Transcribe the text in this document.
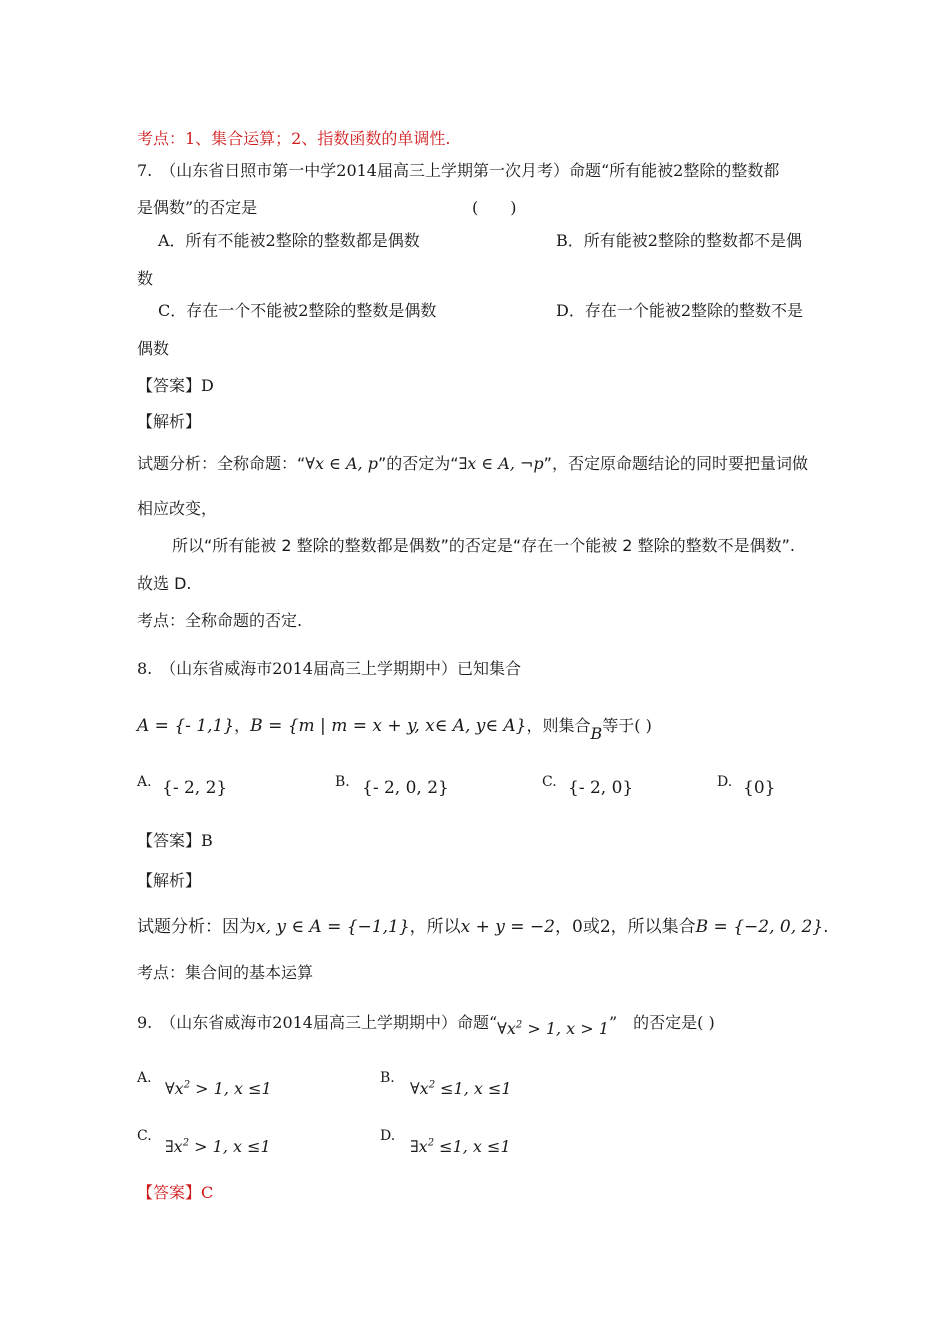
考点：1、集合运算；2、指数函数的单调性.
7.　（山东省日照市第一中学2014届高三上学期第一次月考）命题“所有能被2整除的整数都
是偶数”的否定是	(　　)
A．所有不能被2整除的整数都是偶数	B．所有能被2整除的整数都不是偶
数
C．存在一个不能被2整除的整数是偶数	D．存在一个能被2整除的整数不是
偶数
【答案】D
【解析】
试题分析：全称命题：“∀x ∈ A, p”的否定为“∃x ∈ A, ¬p”，否定原命题结论的同时要把量词做
相应改变，
所以“所有能被 2 整除的整数都是偶数”的否定是“存在一个能被 2 整除的整数不是偶数”.
故选 D.
考点：全称命题的否定.
8.　（山东省威海市2014届高三上学期期中）已知集合
A = {- 1,1}，B = {m | m = x + y, x∈ A, y∈ A}，则集合B等于( )
A. {- 2, 2}	B. {- 2, 0, 2}	C. {- 2, 0}	D. {0}
【答案】B
【解析】
试题分析：因为x, y ∈ A = {−1,1}，所以x + y = −2，0或2，所以集合B = {−2, 0, 2}.
考点：集合间的基本运算
9.　（山东省威海市2014届高三上学期期中）命题“$\forall x^2 > 1$, x > 1”　的否定是( )
A.
$\forall x^2 > 1$, x ≤1
B.
$\forall x^2 \le 1$, x ≤1
C.
$\exists x^2 > 1$, x ≤1
D.
$\exists x^2 \le 1$, x ≤1
【答案】C
